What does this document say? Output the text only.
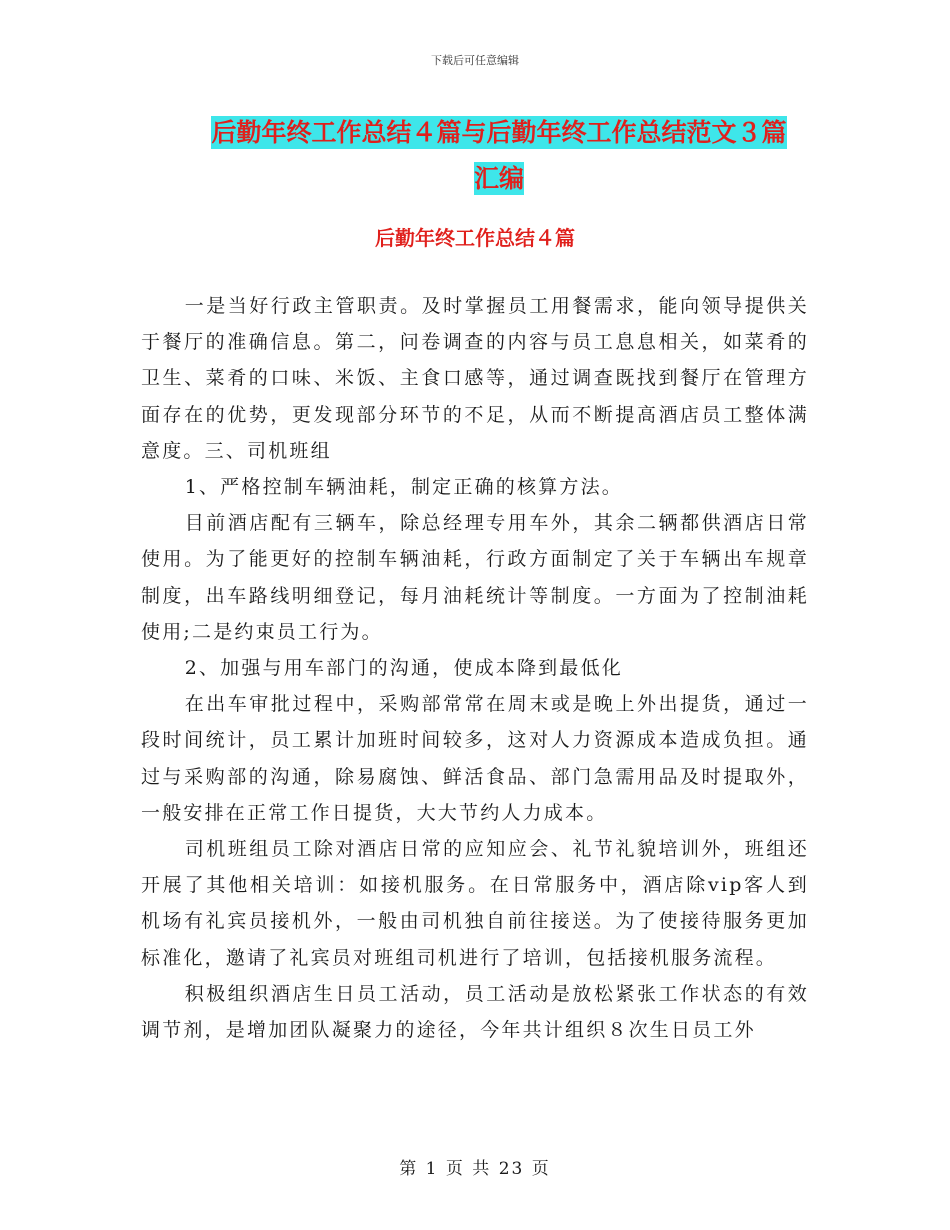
下载后可任意编辑
后勤年终工作总结４篇与后勤年终工作总结范文３篇
汇编
后勤年终工作总结４篇

一是当好行政主管职责。及时掌握员工用餐需求，能向领导提供关于餐厅的准确信息。第二，问卷调查的内容与员工息息相关，如菜肴的卫生、菜肴的口味、米饭、主食口感等，通过调查既找到餐厅在管理方面存在的优势，更发现部分环节的不足，从而不断提高酒店员工整体满意度。三、司机班组

1、严格控制车辆油耗，制定正确的核算方法。

目前酒店配有三辆车，除总经理专用车外，其余二辆都供酒店日常使用。为了能更好的控制车辆油耗，行政方面制定了关于车辆出车规章制度，出车路线明细登记，每月油耗统计等制度。一方面为了控制油耗使用;二是约束员工行为。

2、加强与用车部门的沟通，使成本降到最低化

在出车审批过程中，采购部常常在周末或是晚上外出提货，通过一段时间统计，员工累计加班时间较多，这对人力资源成本造成负担。通过与采购部的沟通，除易腐蚀、鲜活食品、部门急需用品及时提取外，一般安排在正常工作日提货，大大节约人力成本。

司机班组员工除对酒店日常的应知应会、礼节礼貌培训外，班组还开展了其他相关培训：如接机服务。在日常服务中，酒店除vip客人到机场有礼宾员接机外，一般由司机独自前往接送。为了使接待服务更加标准化，邀请了礼宾员对班组司机进行了培训，包括接机服务流程。

积极组织酒店生日员工活动，员工活动是放松紧张工作状态的有效调节剂，是增加团队凝聚力的途径，今年共计组织８次生日员工外

第 1 页 共 23 页
